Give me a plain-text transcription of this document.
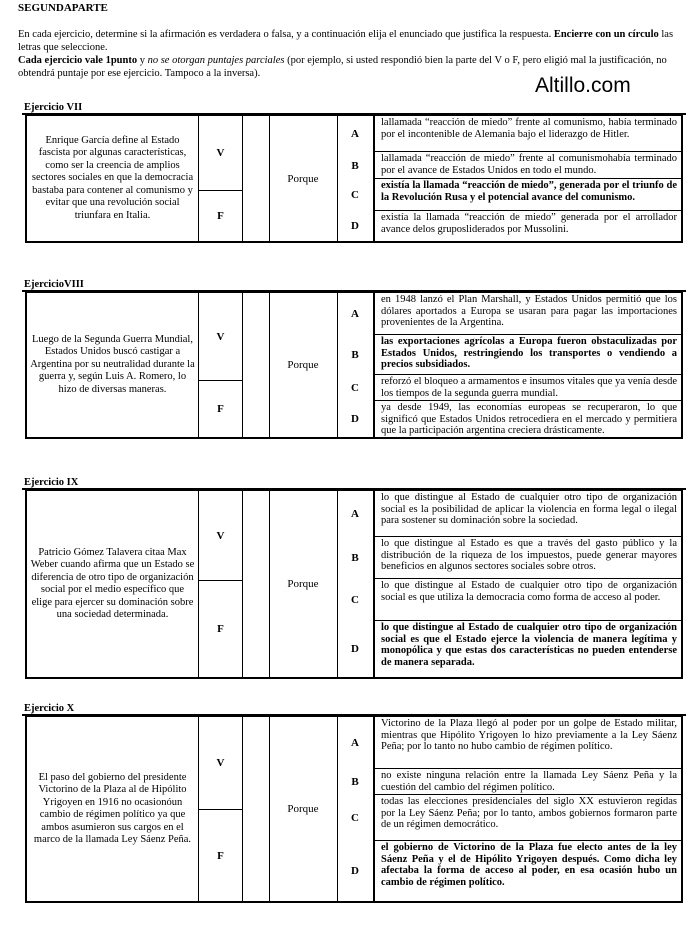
SEGUNDAPARTE
En cada ejercicio, determine si la afirmación es verdadera o falsa, y a continuación elija el enunciado que justifica la respuesta. Encierre con un círculo las letras que seleccione.
Cada ejercicio vale 1punto y no se otorgan puntajes parciales (por ejemplo, si usted respondió bien la parte del V o F, pero eligió mal la justificación, no obtendrá puntaje por ese ejercicio. Tampoco a la inversa).
Altillo.com
Ejercicio VII
Enrique García define al Estado fascista por algunas características, como ser la creencia de amplios sectores sociales en que la democracia bastaba para contener al comunismo y evitar que una revolución social triunfara en Italia.
V
F
Porque
A
lallamada “reacción de miedo” frente al comunismo, había terminado por el incontenible de Alemania bajo el liderazgo de Hitler.
B
lallamada “reacción de miedo” frente al comunismohabía terminado por el avance de Estados Unidos en todo el mundo.
C
existía la llamada “reacción de miedo”, generada por el triunfo de la Revolución Rusa y el potencial avance del comunismo.
D
existía la llamada “reacción de miedo” generada por el arrollador avance delos gruposliderados por Mussolini.
EjercicioVIII
Luego de la Segunda Guerra Mundial, Estados Unidos buscó castigar a Argentina por su neutralidad durante la guerra y, según Luis A. Romero, lo hizo de diversas maneras.
V
F
Porque
A
en 1948 lanzó el Plan Marshall, y Estados Unidos permitió que los dólares aportados a Europa se usaran para pagar las importaciones provenientes de la Argentina.
B
las exportaciones agrícolas a Europa fueron obstaculizadas por Estados Unidos, restringiendo los transportes o vendiendo a precios subsidiados.
C
reforzó el bloqueo a armamentos e insumos vitales que ya venía desde los tiempos de la segunda guerra mundial.
D
ya desde 1949, las economías europeas se recuperaron, lo que significó que Estados Unidos retrocediera en el mercado y permitiera que la participación argentina creciera drásticamente.
Ejercicio IX
Patricio Gómez Talavera citaa Max Weber cuando afirma que un Estado se diferencia de otro tipo de organización social por el medio específico que elige para ejercer su dominación sobre una sociedad determinada.
V
F
Porque
A
lo que distingue al Estado de cualquier otro tipo de organización social es la posibilidad de aplicar la violencia en forma legal o ilegal para sostener su dominación sobre la sociedad.
B
lo que distingue al Estado es que a través del gasto público y la distribución de la riqueza de los impuestos, puede generar mayores beneficios en algunos sectores sociales sobre otros.
C
lo que distingue al Estado de cualquier otro tipo de organización social es que utiliza la democracia como forma de acceso al poder.
D
lo que distingue al Estado de cualquier otro tipo de organización social es que el Estado ejerce la violencia de manera legítima y monopólica y que estas dos características no pueden entenderse de manera separada.
Ejercicio X
El paso del gobierno del presidente Victorino de la Plaza al de Hipólito Yrigoyen en 1916 no ocasionóun cambio de régimen político ya que ambos asumieron sus cargos en el marco de la llamada Ley Sáenz Peña.
V
F
Porque
A
Victorino de la Plaza llegó al poder por un golpe de Estado militar, mientras que Hipólito Yrigoyen lo hizo previamente a la Ley Sáenz Peña; por lo tanto no hubo cambio de régimen político.
B
no existe ninguna relación entre la llamada Ley Sáenz Peña y la cuestión del cambio del régimen político.
C
todas las elecciones presidenciales del siglo XX estuvieron regidas por la Ley Sáenz Peña; por lo tanto, ambos gobiernos formaron parte de un régimen democrático.
D
el gobierno de Victorino de la Plaza fue electo antes de la ley Sáenz Peña y el de Hipólito Yrigoyen después. Como dicha ley afectaba la forma de acceso al poder, en esa ocasión hubo un cambio de régimen político.
